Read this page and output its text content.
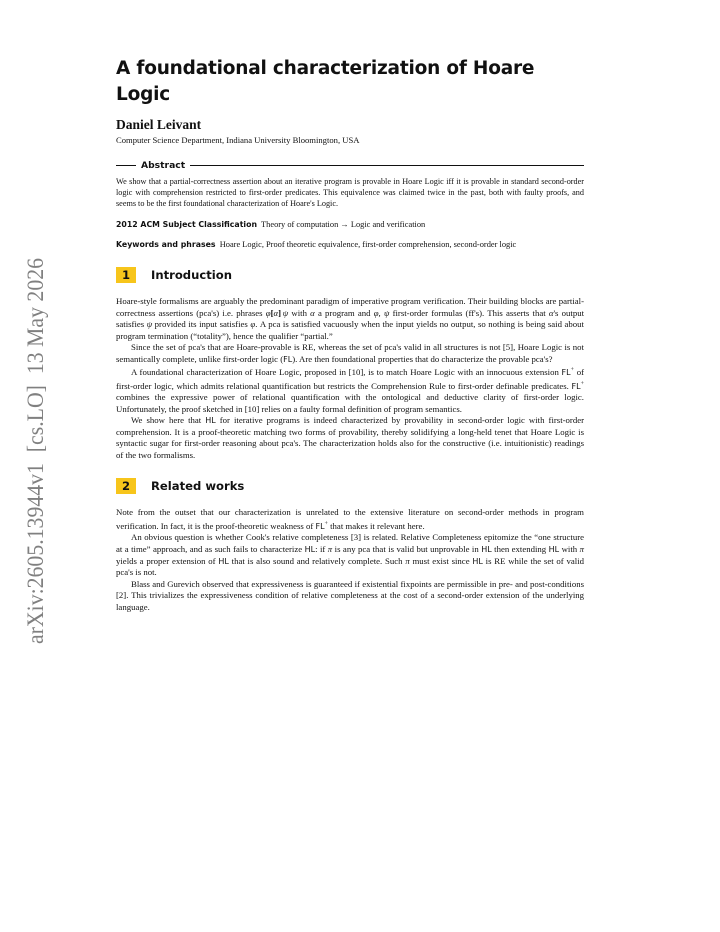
arXiv:2605.13944v1  [cs.LO]  13 May 2026
A foundational characterization of Hoare Logic
Daniel Leivant
Computer Science Department, Indiana University Bloomington, USA
Abstract
We show that a partial-correctness assertion about an iterative program is provable in Hoare Logic iff it is provable in standard second-order logic with comprehension restricted to first-order predicates. This equivalence was claimed twice in the past, both with faulty proofs, and seems to be the first foundational characterization of Hoare's Logic.
2012 ACM Subject Classification Theory of computation → Logic and verification
Keywords and phrases Hoare Logic, Proof theoretic equivalence, first-order comprehension, second-order logic
1	Introduction

Hoare-style formalisms are arguably the predominant paradigm of imperative program verification. Their building blocks are partial-correctness assertions (pca's) i.e. phrases φ[α]  ψ with α a program and φ, ψ first-order formulas (ff's). This asserts that α's output satisfies ψ provided its input satisfies φ. A pca is satisfied vacuously when the input yields no output, so nothing is being said about program termination (“totality”), hence the qualifier “partial.”

Since the set of pca's that are Hoare-provable is RE, whereas the set of pca's valid in all structures is not [5], Hoare Logic is not semantically complete, unlike first-order logic (FL). Are then foundational properties that do characterize the provable pca's?

A foundational characterization of Hoare Logic, proposed in [10], is to match Hoare Logic with an innocuous extension FL+ of first-order logic, which admits relational quantification but restricts the Comprehension Rule to first-order definable predicates. FL+ combines the expressive power of relational quantification with the ontological and deductive clarity of first-order logic. Unfortunately, the proof sketched in [10] relies on a faulty formal definition of program semantics.

We show here that HL for iterative programs is indeed characterized by provability in second-order logic with first-order comprehension. It is a proof-theoretic matching two forms of provability, thereby solidifying a long-held tenet that Hoare Logic is syntactic sugar for first-order reasoning about pca's. The characterization holds also for the constructive (i.e. intuitionistic) readings of the two formalisms.

2	Related works

Note from the outset that our characterization is unrelated to the extensive literature on second-order methods in program verification. In fact, it is the proof-theoretic weakness of FL+ that makes it relevant here.

An obvious question is whether Cook's relative completeness [3] is related. Relative Completeness epitomize the “one structure at a time” approach, and as such fails to characterize HL: if π is any pca that is valid but unprovable in HL then extending HL with π yields a proper extension of HL that is also sound and relatively complete. Such π must exist since HL is RE while the set of valid pca's is not.

Blass and Gurevich observed that expressiveness is guaranteed if existential fixpoints are permissible in pre- and post-conditions [2]. This trivializes the expressiveness condition of relative completeness at the cost of a second-order extension of the underlying language.
